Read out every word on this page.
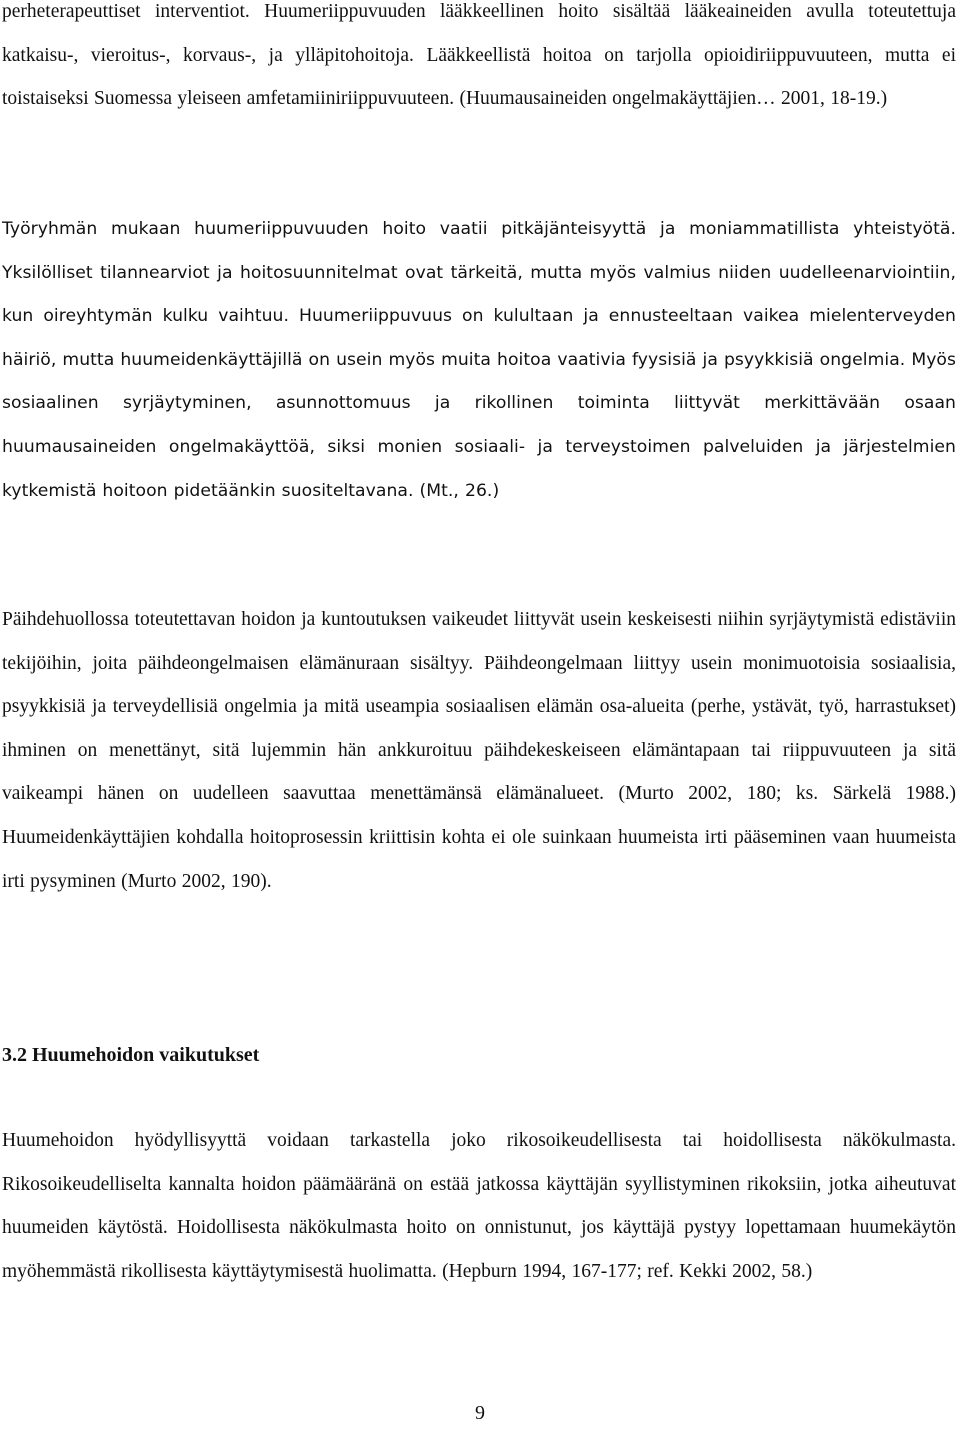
perheterapeuttiset interventiot. Huumeriippuvuuden lääkkeellinen hoito sisältää lääkeaineiden avulla toteutettuja katkaisu-, vieroitus-, korvaus-, ja ylläpitohoitoja. Lääkkeellistä hoitoa on tarjolla opioidiriippuvuuteen, mutta ei toistaiseksi Suomessa yleiseen amfetamiiniriippuvuuteen. (Huumausaineiden ongelmakäyttäjien… 2001, 18-19.)

Työryhmän mukaan huumeriippuvuuden hoito vaatii pitkäjänteisyyttä ja moniammatillista yhteistyötä. Yksilölliset tilannearviot ja hoitosuunnitelmat ovat tärkeitä, mutta myös valmius niiden uudelleenarviointiin, kun oireyhtymän kulku vaihtuu. Huumeriippuvuus on kulultaan ja ennusteeltaan vaikea mielenterveyden häiriö, mutta huumeidenkäyttäjillä on usein myös muita hoitoa vaativia fyysisiä ja psyykkisiä ongelmia. Myös sosiaalinen syrjäytyminen, asunnottomuus ja rikollinen toiminta liittyvät merkittävään osaan huumausaineiden ongelmakäyttöä, siksi monien sosiaali- ja terveystoimen palveluiden ja järjestelmien kytkemistä hoitoon pidetäänkin suositeltavana. (Mt., 26.)

Päihdehuollossa toteutettavan hoidon ja kuntoutuksen vaikeudet liittyvät usein keskeisesti niihin syrjäytymistä edistäviin tekijöihin, joita päihdeongelmaisen elämänuraan sisältyy. Päihdeongelmaan liittyy usein monimuotoisia sosiaalisia, psyykkisiä ja terveydellisiä ongelmia ja mitä useampia sosiaalisen elämän osa-alueita (perhe, ystävät, työ, harrastukset) ihminen on menettänyt, sitä lujemmin hän ankkuroituu päihdekeskeiseen elämäntapaan tai riippuvuuteen ja sitä vaikeampi hänen on uudelleen saavuttaa menettämänsä elämänalueet. (Murto 2002, 180; ks. Särkelä 1988.) Huumeidenkäyttäjien kohdalla hoitoprosessin kriittisin kohta ei ole suinkaan huumeista irti pääseminen vaan huumeista irti pysyminen (Murto 2002, 190).

3.2 Huumehoidon vaikutukset

Huumehoidon hyödyllisyyttä voidaan tarkastella joko rikosoikeudellisesta tai hoidollisesta näkökulmasta. Rikosoikeudelliselta kannalta hoidon päämääränä on estää jatkossa käyttäjän syyllistyminen rikoksiin, jotka aiheutuvat huumeiden käytöstä. Hoidollisesta näkökulmasta hoito on onnistunut, jos käyttäjä pystyy lopettamaan huumekäytön myöhemmästä rikollisesta käyttäytymisestä huolimatta. (Hepburn 1994, 167-177; ref. Kekki 2002, 58.)

9
